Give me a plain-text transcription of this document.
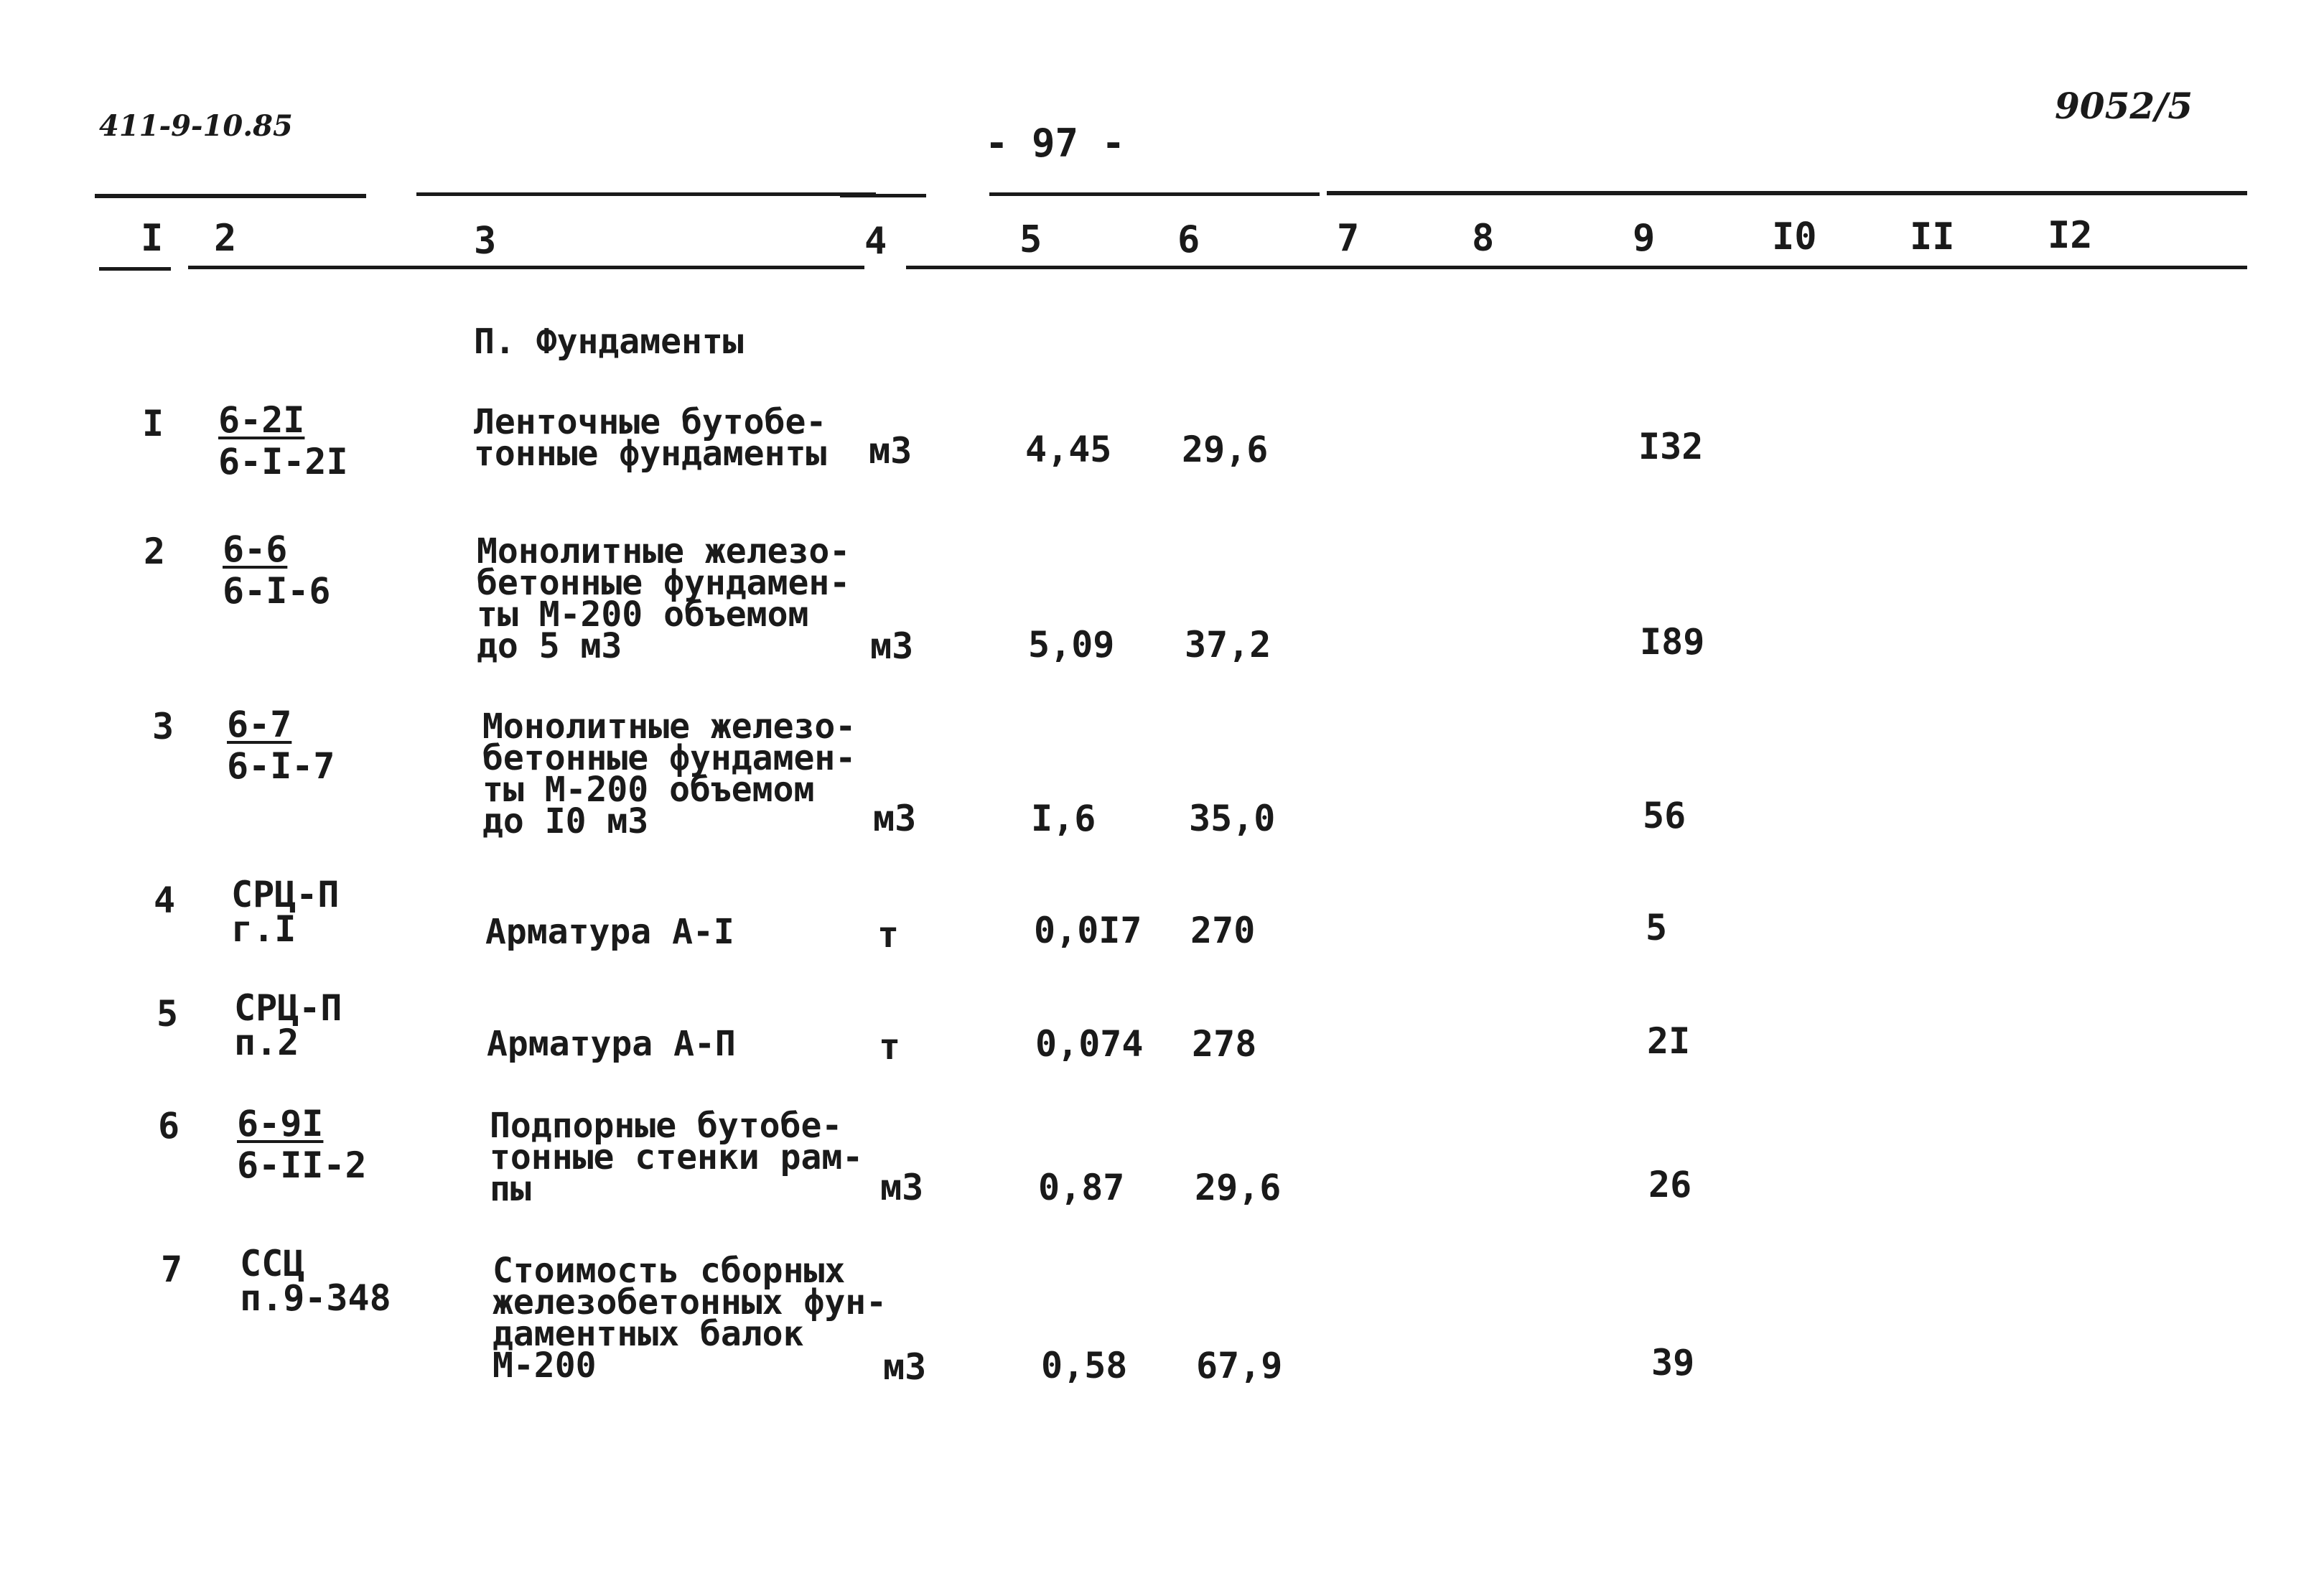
411-9-10.85	- 97 -
9052/5
I 2	3	4	5	6	7	8	9	I0 II I2
П. Фундаменты
I 6-2I
6-I-2I
Ленточные бутобе-
тонные фундаменты м3	4,45 29,6	I32
2 6-6
6-I-6
Монолитные железо-
бетонные фундамен-
ты М-200 объемом
до 5 м3	м3	5,09 37,2	I89
3 6-7
6-I-7
Монолитные железо-
бетонные фундамен-
ты М-200 объемом
до I0 м3	м3	I,6	35,0	56
4 СРЦ-П
г.I	Арматура А-I	т	0,0I7 270	5
5 СРЦ-П
п.2	Арматура А-П	т	0,074 278	2I
6 6-9I
6-II-2
Подпорные бутобе-
тонные стенки рам-
пы	м3	0,87 29,6	26
7 ССЦ
п.9-348
Стоимость сборных
железобетонных фун-
даментных балок
М-200	м3	0,58 67,9	39
